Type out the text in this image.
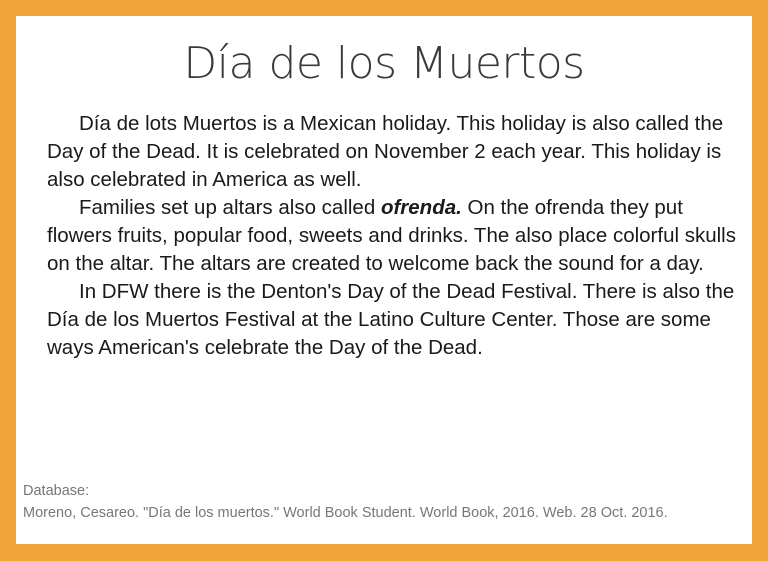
Día de los Muertos

Día de lots Muertos is a Mexican holiday. This holiday is also called the Day of the Dead. It is celebrated on November 2 each year. This holiday is also celebrated in America as well.

Families set up altars also called ofrenda. On the ofrenda they put flowers fruits, popular food, sweets and drinks. The also place colorful skulls on the altar. The altars are created to welcome back the sound for a day.

In DFW there is the Denton's Day of the Dead Festival. There is also the Día de los Muertos Festival at the Latino Culture Center. Those are some ways American's celebrate the Day of the Dead.

Database:
Moreno, Cesareo. "Día de los muertos." World Book Student. World Book, 2016. Web. 28 Oct. 2016.
